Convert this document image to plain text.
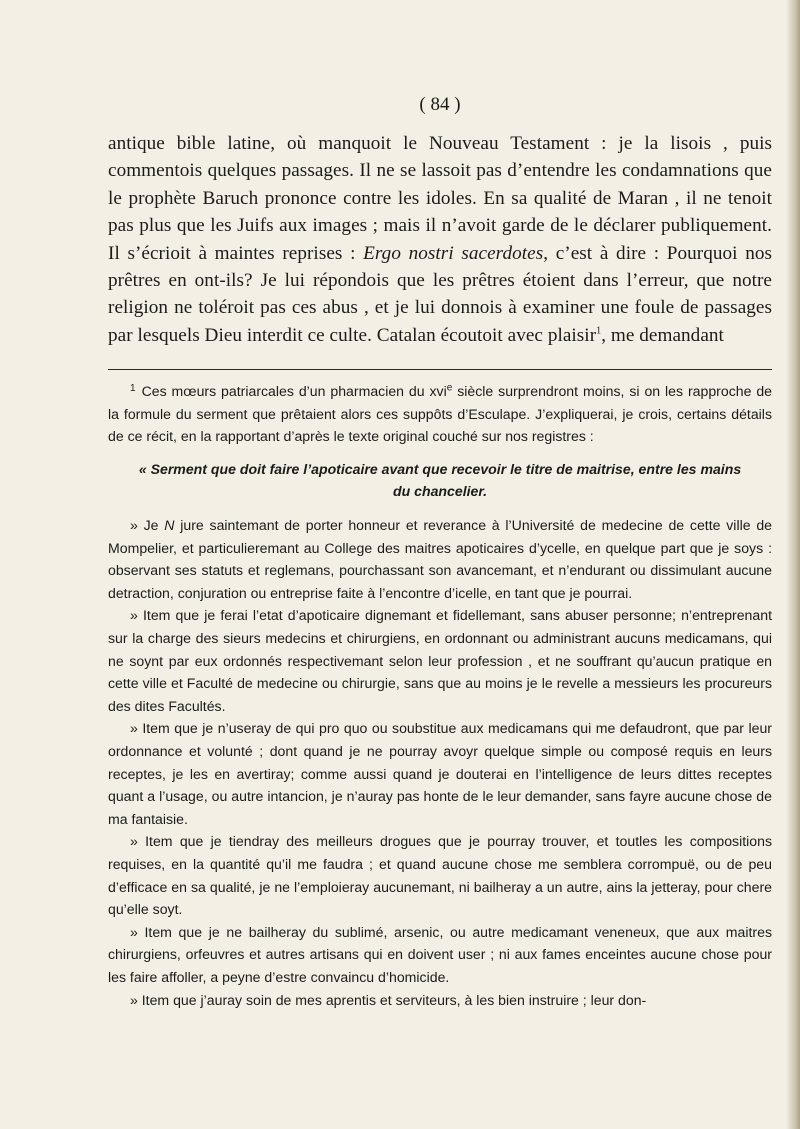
( 84 )

antique bible latine, où manquoit le Nouveau Testament : je la lisois , puis commentois quelques passages. Il ne se lassoit pas d’entendre les condamnations que le prophète Baruch prononce contre les idoles. En sa qualité de Maran , il ne tenoit pas plus que les Juifs aux images ; mais il n’avoit garde de le déclarer publiquement. Il s’écrioit à maintes reprises : Ergo nostri sacerdotes, c’est à dire : Pourquoi nos prêtres en ont-ils? Je lui répondois que les prêtres étoient dans l’erreur, que notre religion ne toléroit pas ces abus , et je lui donnois à examiner une foule de passages par lesquels Dieu interdit ce culte. Catalan écoutoit avec plaisir$^1$, me demandant

$^1$ Ces mœurs patriarcales d’un pharmacien du xvi$^e$ siècle surprendront moins, si on les rapproche de la formule du serment que prêtaient alors ces suppôts d’Esculape. J’expliquerai, je crois, certains détails de ce récit, en la rapportant d’après le texte original couché sur nos registres :

« Serment que doit faire l’apoticaire avant que recevoir le titre de maitrise, entre les mains du chancelier.

» Je N jure saintemant de porter honneur et reverance à l’Université de medecine de cette ville de Mompelier, et particulieremant au College des maitres apoticaires d’ycelle, en quelque part que je soys : observant ses statuts et reglemans, pourchassant son avancemant, et n’endurant ou dissimulant aucune detraction, conjuration ou entreprise faite à l’encontre d’icelle, en tant que je pourrai.

» Item que je ferai l’etat d’apoticaire dignemant et fidellemant, sans abuser personne; n’entreprenant sur la charge des sieurs medecins et chirurgiens, en ordonnant ou administrant aucuns medicamans, qui ne soynt par eux ordonnés respectivemant selon leur profession , et ne souffrant qu’aucun pratique en cette ville et Faculté de medecine ou chirurgie, sans que au moins je le revelle a messieurs les procureurs des dites Facultés.

» Item que je n’useray de qui pro quo ou soubstitue aux medicamans qui me defaudront, que par leur ordonnance et volunté ; dont quand je ne pourray avoyr quelque simple ou composé requis en leurs receptes, je les en avertiray; comme aussi quand je douterai en l’intelligence de leurs dittes receptes quant a l’usage, ou autre intancion, je n’auray pas honte de le leur demander, sans fayre aucune chose de ma fantaisie.

» Item que je tiendray des meilleurs drogues que je pourray trouver, et toutles les compositions requises, en la quantité qu’il me faudra ; et quand aucune chose me semblera corrompuë, ou de peu d’efficace en sa qualité, je ne l’emploieray aucunemant, ni bailheray a un autre, ains la jetteray, pour chere qu’elle soyt.

» Item que je ne bailheray du sublimé, arsenic, ou autre medicamant veneneux, que aux maitres chirurgiens, orfeuvres et autres artisans qui en doivent user ; ni aux fames enceintes aucune chose pour les faire affoller, a peyne d’estre convaincu d’homicide.

» Item que j’auray soin de mes aprentis et serviteurs, à les bien instruire ; leur don-
